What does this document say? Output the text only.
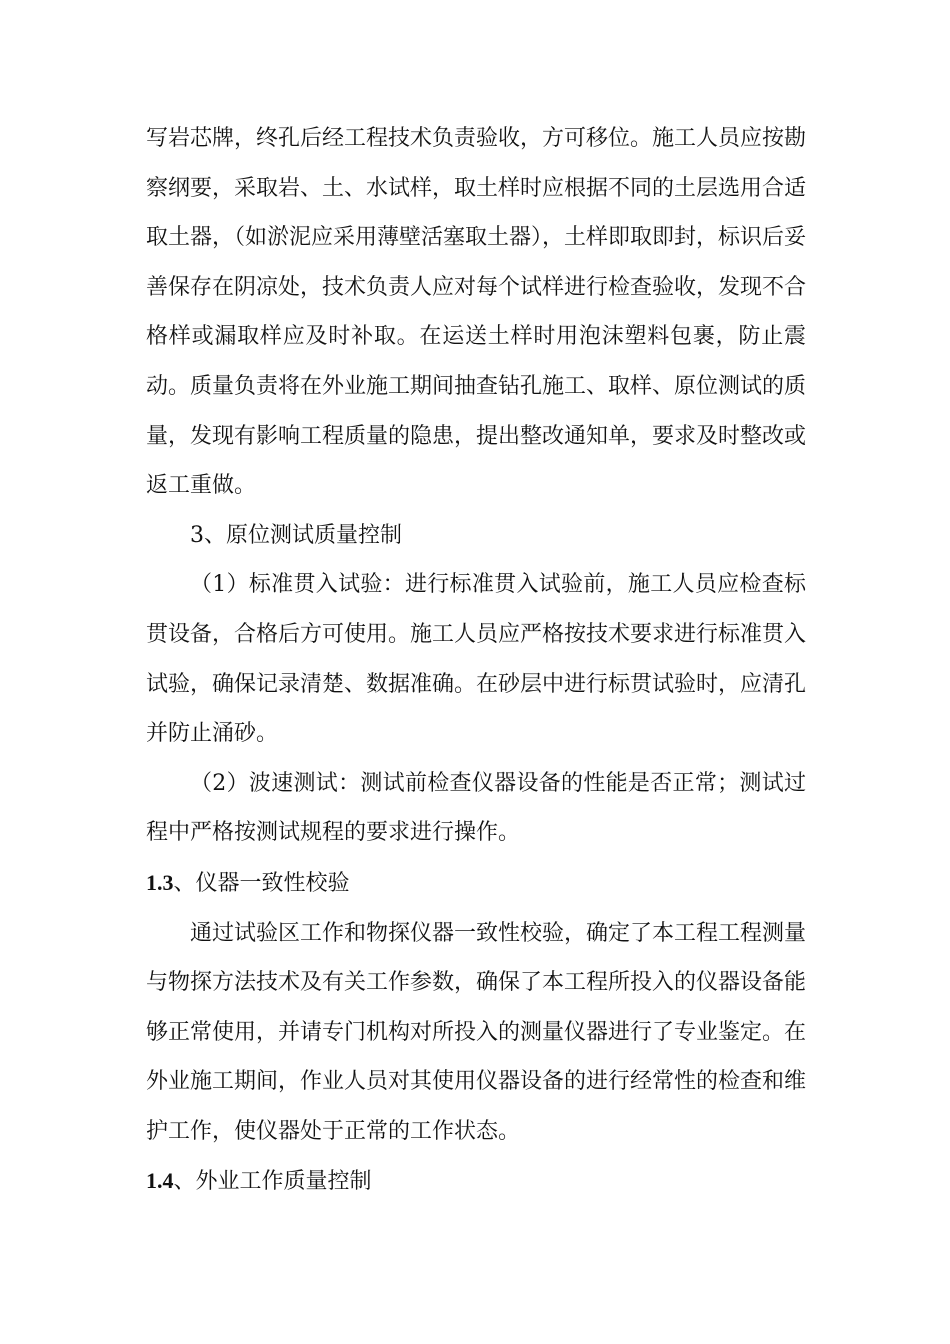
写岩芯牌，终孔后经工程技术负责验收，方可移位。施工人员应按勘察纲要，采取岩、土、水试样，取土样时应根据不同的土层选用合适取土器，（如淤泥应采用薄壁活塞取土器），土样即取即封，标识后妥善保存在阴凉处，技术负责人应对每个试样进行检查验收，发现不合格样或漏取样应及时补取。在运送土样时用泡沫塑料包裹，防止震动。质量负责将在外业施工期间抽查钻孔施工、取样、原位测试的质量，发现有影响工程质量的隐患，提出整改通知单，要求及时整改或返工重做。

3、原位测试质量控制

（1）标准贯入试验：进行标准贯入试验前，施工人员应检查标贯设备，合格后方可使用。施工人员应严格按技术要求进行标准贯入试验，确保记录清楚、数据准确。在砂层中进行标贯试验时，应清孔并防止涌砂。

（2）波速测试：测试前检查仪器设备的性能是否正常；测试过程中严格按测试规程的要求进行操作。

1.3、仪器一致性校验

通过试验区工作和物探仪器一致性校验，确定了本工程工程测量与物探方法技术及有关工作参数，确保了本工程所投入的仪器设备能够正常使用，并请专门机构对所投入的测量仪器进行了专业鉴定。在外业施工期间，作业人员对其使用仪器设备的进行经常性的检查和维护工作，使仪器处于正常的工作状态。

1.4、外业工作质量控制
